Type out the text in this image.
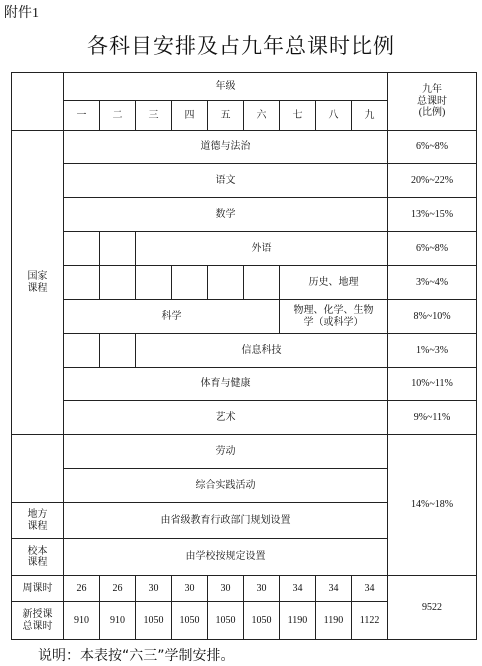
附件1
各科目安排及占九年总课时比例
	年级									九年
总课时
(比例)
	一	二	三	四	五	六	七	八	九	
国家
课程	道德与法治									6%~8%
	语文									20%~22%
	数学									13%~15%
			外语							6%~8%
							历史、地理			3%~4%
	科学						物理、化学、生物
学（或科学）			8%~10%
			信息科技							1%~3%
	体育与健康									10%~11%
	艺术									9%~11%
	劳动									14%~18%
	综合实践活动									
地方
课程	由省级教育行政部门规划设置									
校本
课程	由学校按规定设置									
周课时	26	26	30	30	30	30	34	34	34	9522
新授课
总课时	910	910	1050	1050	1050	1050	1190	1190	1122	
说明：本表按“六三”学制安排。
